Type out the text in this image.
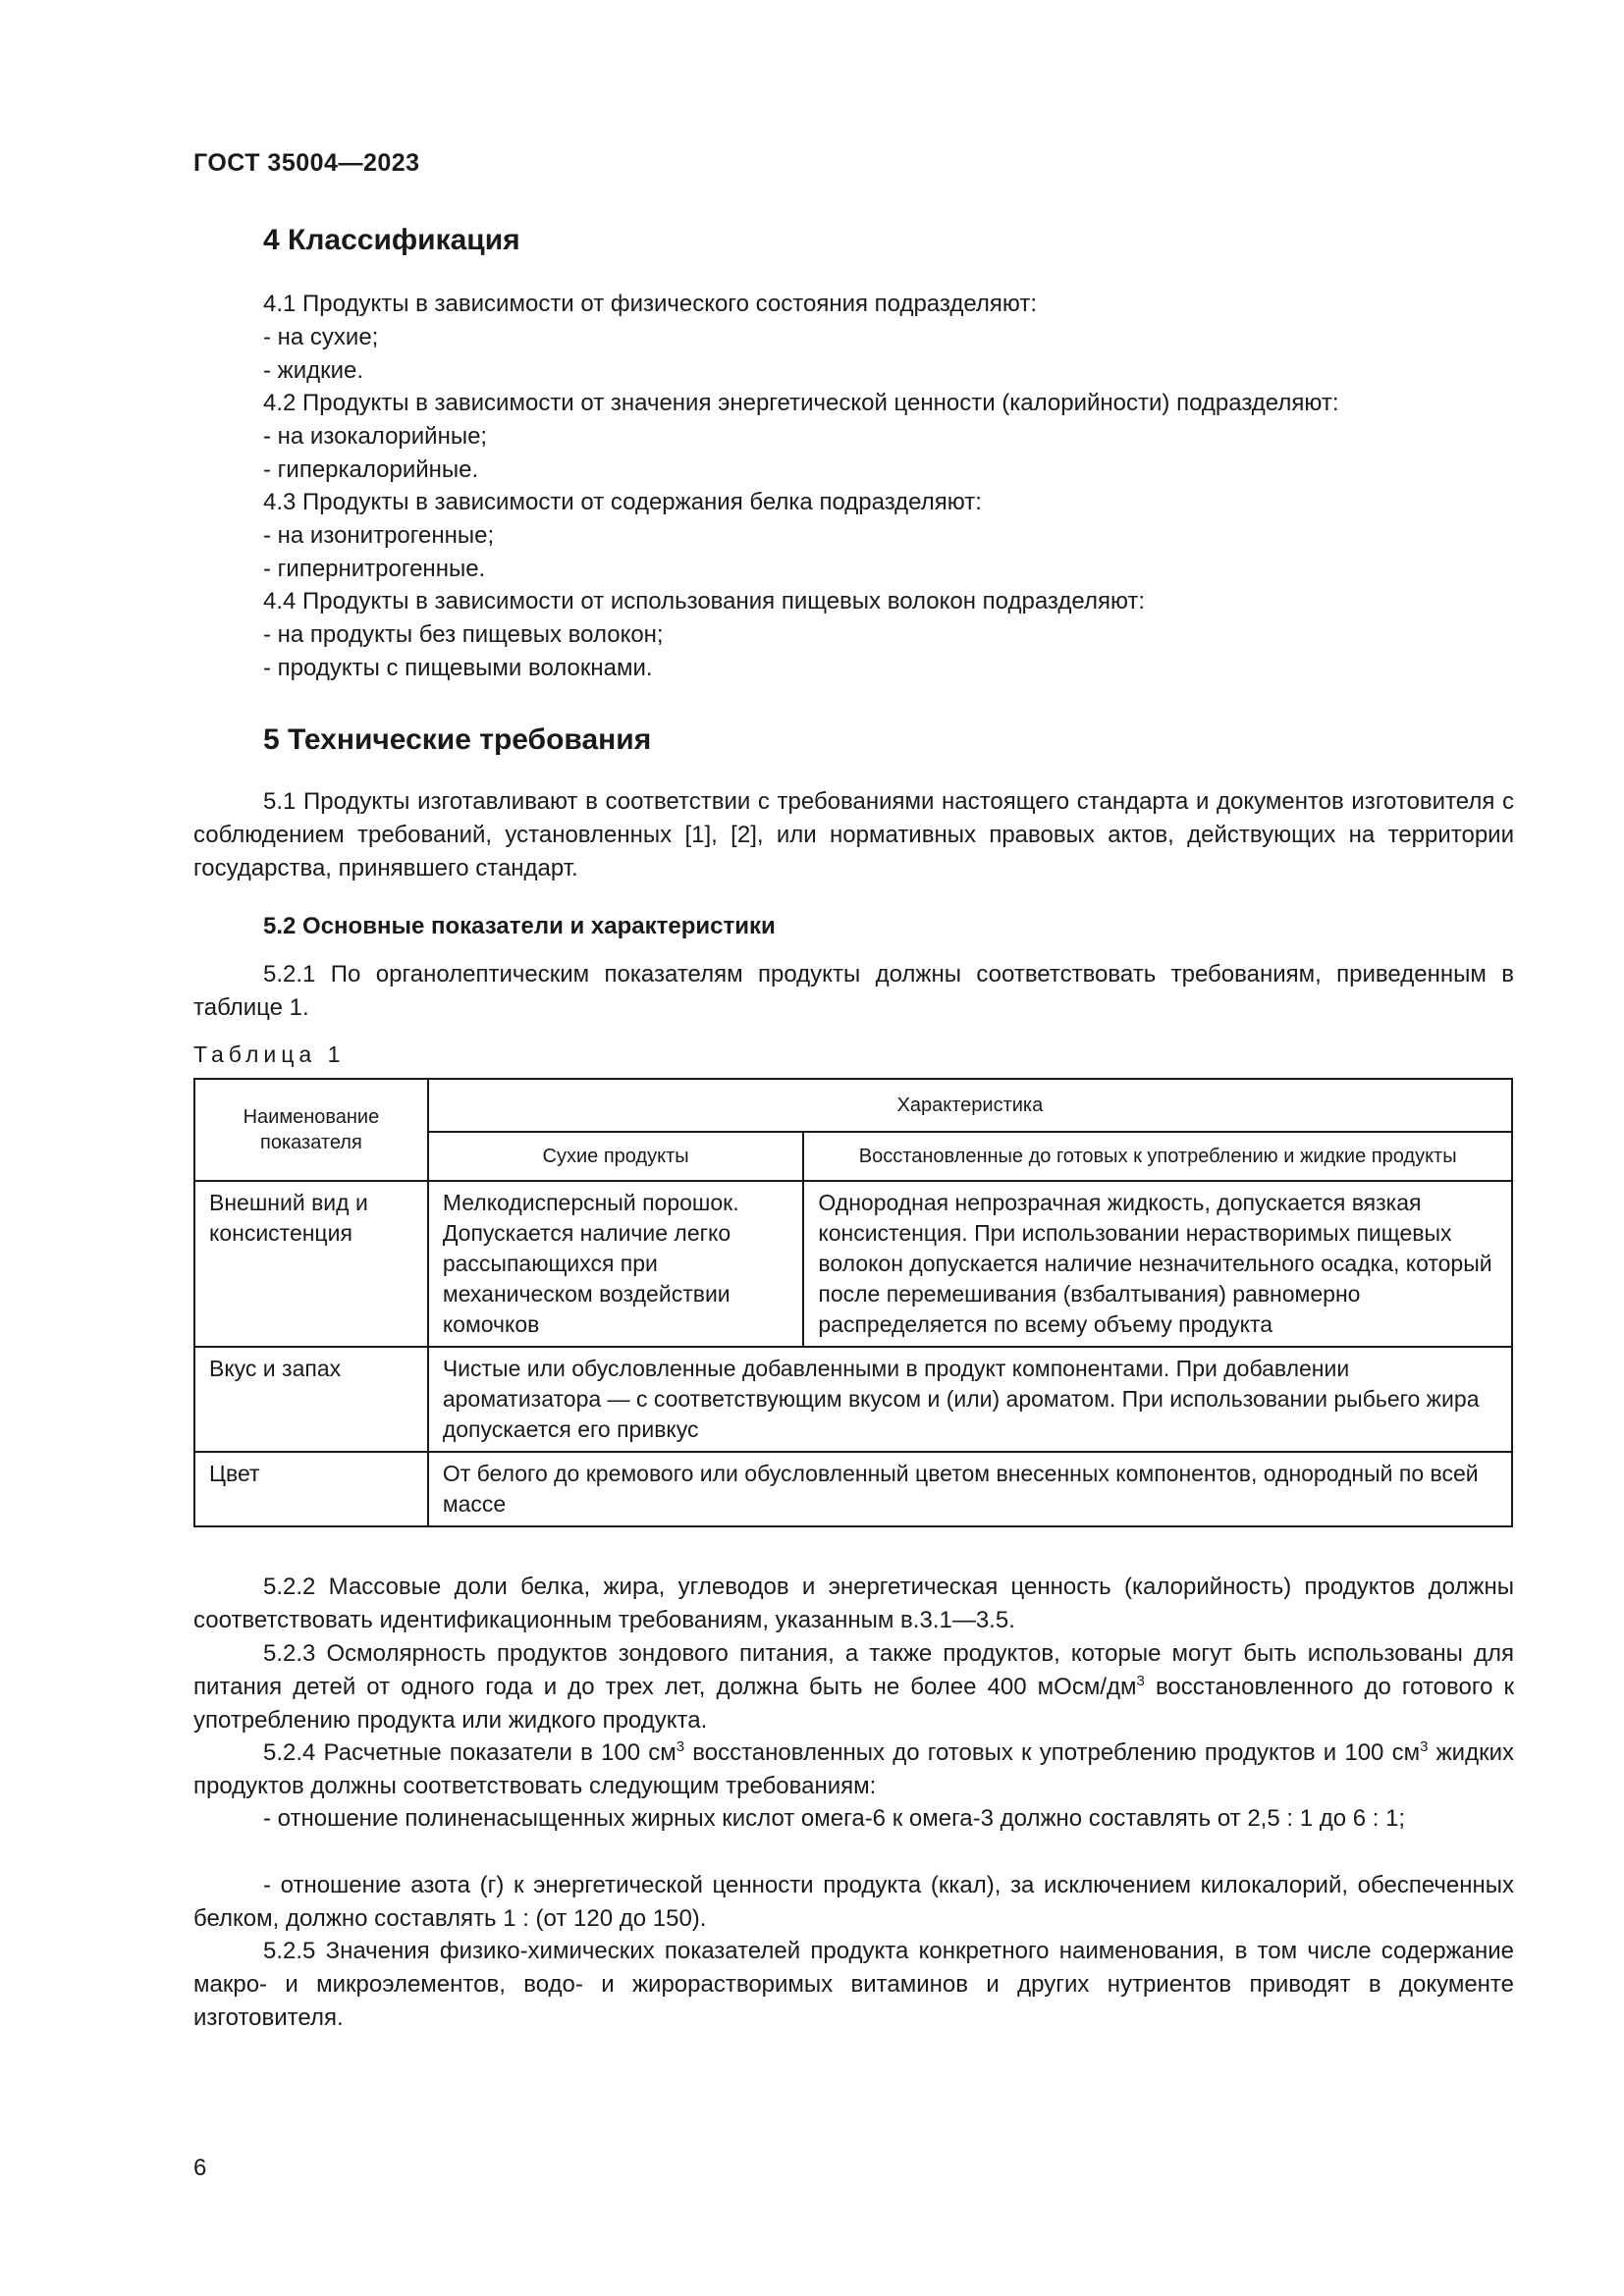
ГОСТ 35004—2023
4 Классификация
4.1 Продукты в зависимости от физического состояния подразделяют:
- на сухие;
- жидкие.
4.2 Продукты в зависимости от значения энергетической ценности (калорийности) подразделяют:
- на изокалорийные;
- гиперкалорийные.
4.3 Продукты в зависимости от содержания белка подразделяют:
- на изонитрогенные;
- гипернитрогенные.
4.4 Продукты в зависимости от использования пищевых волокон подразделяют:
- на продукты без пищевых волокон;
- продукты с пищевыми волокнами.
5 Технические требования
5.1 Продукты изготавливают в соответствии с требованиями настоящего стандарта и документов изготовителя с соблюдением требований, установленных [1], [2], или нормативных правовых актов, действующих на территории государства, принявшего стандарт.
5.2 Основные показатели и характеристики
5.2.1 По органолептическим показателям продукты должны соответствовать требованиям, приведенным в таблице 1.
Таблица 1
Наименование показателя	Характеристика	
	Сухие продукты	Восстановленные до готовых к употреблению и жидкие продукты
Внешний вид и консистенция	Мелкодисперсный порошок. Допускается наличие легко рассыпающихся при механическом воздействии комочков	Однородная непрозрачная жидкость, допускается вязкая консистенция. При использовании нерастворимых пищевых волокон допускается наличие незначительного осадка, который после перемешивания (взбалтывания) равномерно распределяется по всему объему продукта
Вкус и запах	Чистые или обусловленные добавленными в продукт компонентами. При добавлении ароматизатора — с соответствующим вкусом и (или) ароматом. При использовании рыбьего жира допускается его привкус	
Цвет	От белого до кремового или обусловленный цветом внесенных компонентов, однородный по всей массе	
5.2.2 Массовые доли белка, жира, углеводов и энергетическая ценность (калорийность) продуктов должны соответствовать идентификационным требованиям, указанным в.3.1—3.5.
5.2.3 Осмолярность продуктов зондового питания, а также продуктов, которые могут быть использованы для питания детей от одного года и до трех лет, должна быть не более 400 мОсм/$дм^3$ восстановленного до готового к употреблению продукта или жидкого продукта.
5.2.4 Расчетные показатели в 100 $см^3$ восстановленных до готовых к употреблению продуктов и 100 $см^3$ жидких продуктов должны соответствовать следующим требованиям:
- отношение полиненасыщенных жирных кислот омега-6 к омега-3 должно составлять от 2,5 : 1 до 6 : 1;
- отношение азота (г) к энергетической ценности продукта (ккал), за исключением килокалорий, обеспеченных белком, должно составлять 1 : (от 120 до 150).
5.2.5 Значения физико-химических показателей продукта конкретного наименования, в том числе содержание макро- и микроэлементов, водо- и жирорастворимых витаминов и других нутриентов приводят в документе изготовителя.
6
